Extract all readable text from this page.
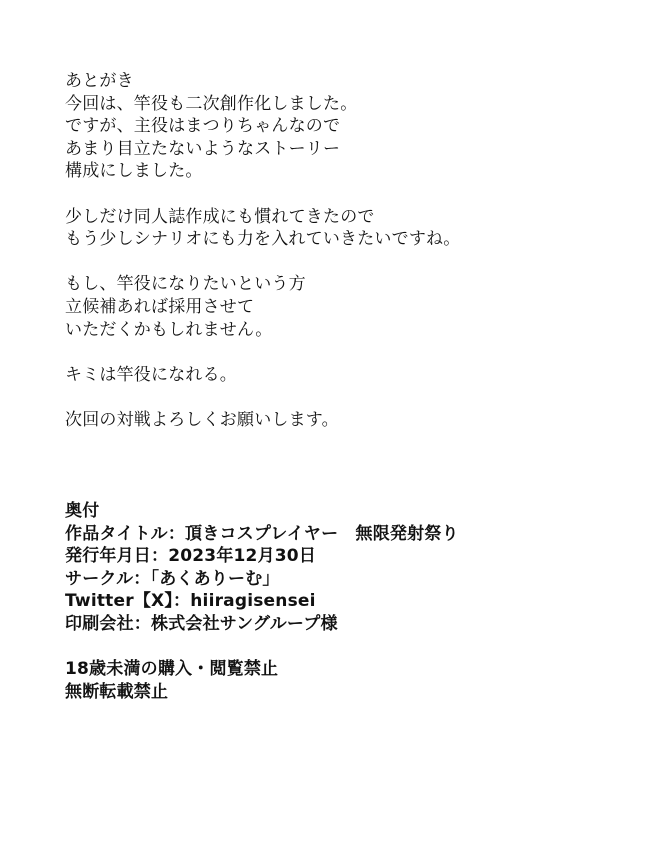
あとがき
今回は、竿役も二次創作化しました。
ですが、主役はまつりちゃんなので
あまり目立たないようなストーリー
構成にしました。
少しだけ同人誌作成にも慣れてきたので
もう少しシナリオにも力を入れていきたいですね。
もし、竿役になりたいという方
立候補あれば採用させて
いただくかもしれません。
キミは竿役になれる。
次回の対戦よろしくお願いします。
奥付
作品タイトル：頂きコスプレイヤー　無限発射祭り
発行年月日：2023年12月30日
サークル：「あくありーむ」
Twitter【X】：hiiragisensei
印刷会社：株式会社サングループ様
18歳未満の購入・閲覧禁止
無断転載禁止
